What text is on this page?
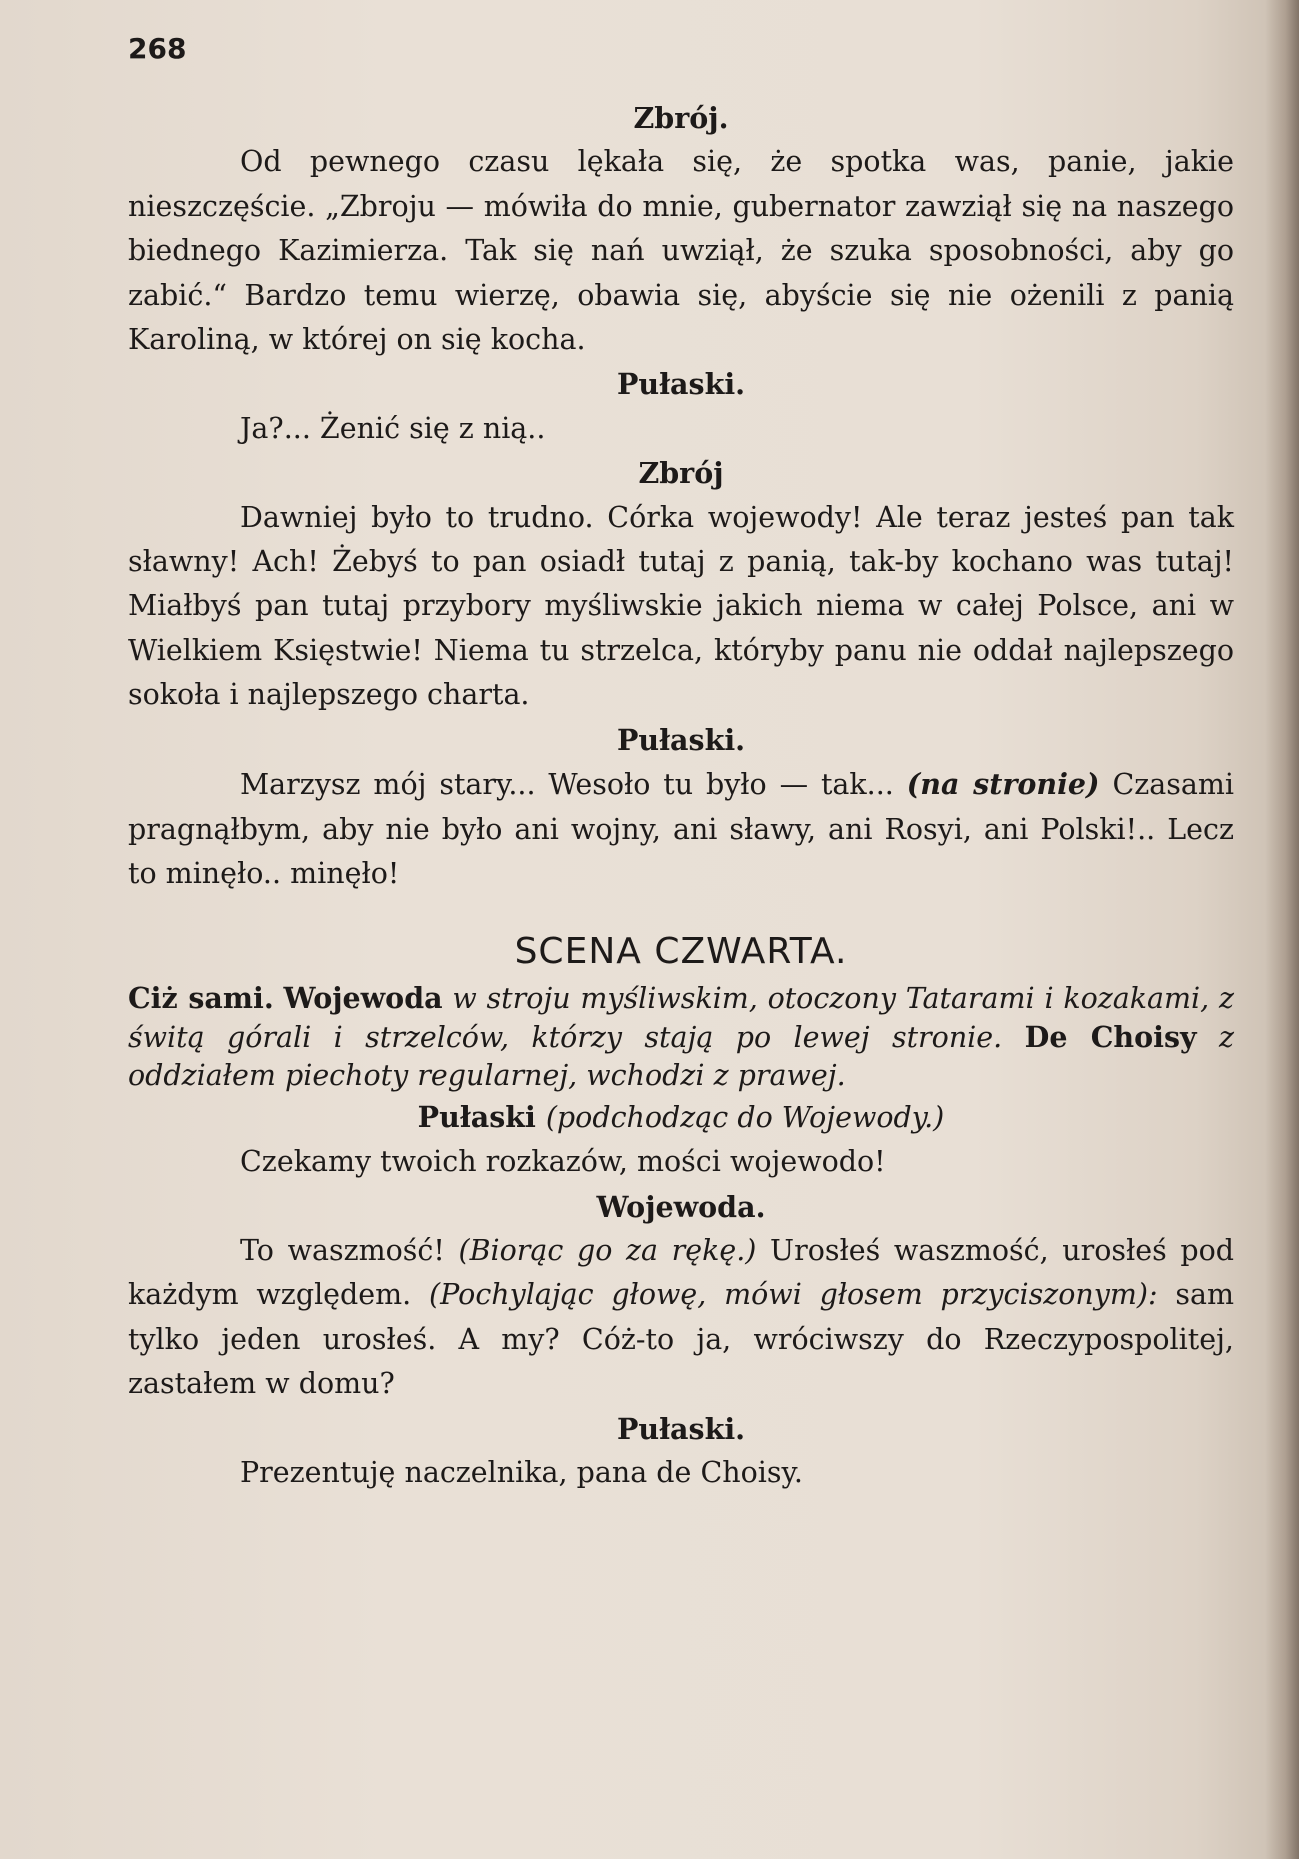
268
Zbrój.

Od pewnego czasu lękała się, że spotka was, panie, jakie nieszczęście. „Zbroju — mówiła do mnie, gubernator zawziął się na naszego biednego Kazimierza. Tak się nań uwziął, że szuka sposobności, aby go zabić.“ Bardzo temu wierzę, obawia się, abyście się nie ożenili z panią Karoliną, w której on się kocha.

Pułaski.

Ja?... Żenić się z nią..

Zbrój

Dawniej było to trudno. Córka wojewody! Ale teraz jesteś pan tak sławny! Ach! Żebyś to pan osiadł tutaj z panią, tak-by kochano was tutaj! Miałbyś pan tutaj przybory myśliwskie jakich niema w całej Polsce, ani w Wielkiem Księstwie! Niema tu strzelca, któryby panu nie oddał najlepszego sokoła i najlepszego charta.

Pułaski.

Marzysz mój stary... Wesoło tu było — tak... (na stronie) Czasami pragnąłbym, aby nie było ani wojny, ani sławy, ani Rosyi, ani Polski!.. Lecz to minęło.. minęło!

SCENA CZWARTA.

Ciż sami. Wojewoda w stroju myśliwskim, otoczony Tatarami i kozakami, z świtą górali i strzelców, którzy stają po lewej stronie. De Choisy z oddziałem piechoty regularnej, wchodzi z prawej.

Pułaski (podchodząc do Wojewody.)

Czekamy twoich rozkazów, mości wojewodo!

Wojewoda.

To waszmość! (Biorąc go za rękę.) Urosłeś waszmość, urosłeś pod każdym względem. (Pochylając głowę, mówi głosem przyciszonym): sam tylko jeden urosłeś. A my? Cóż-to ja, wróciwszy do Rzeczypospolitej, zastałem w domu?

Pułaski.

Prezentuję naczelnika, pana de Choisy.
